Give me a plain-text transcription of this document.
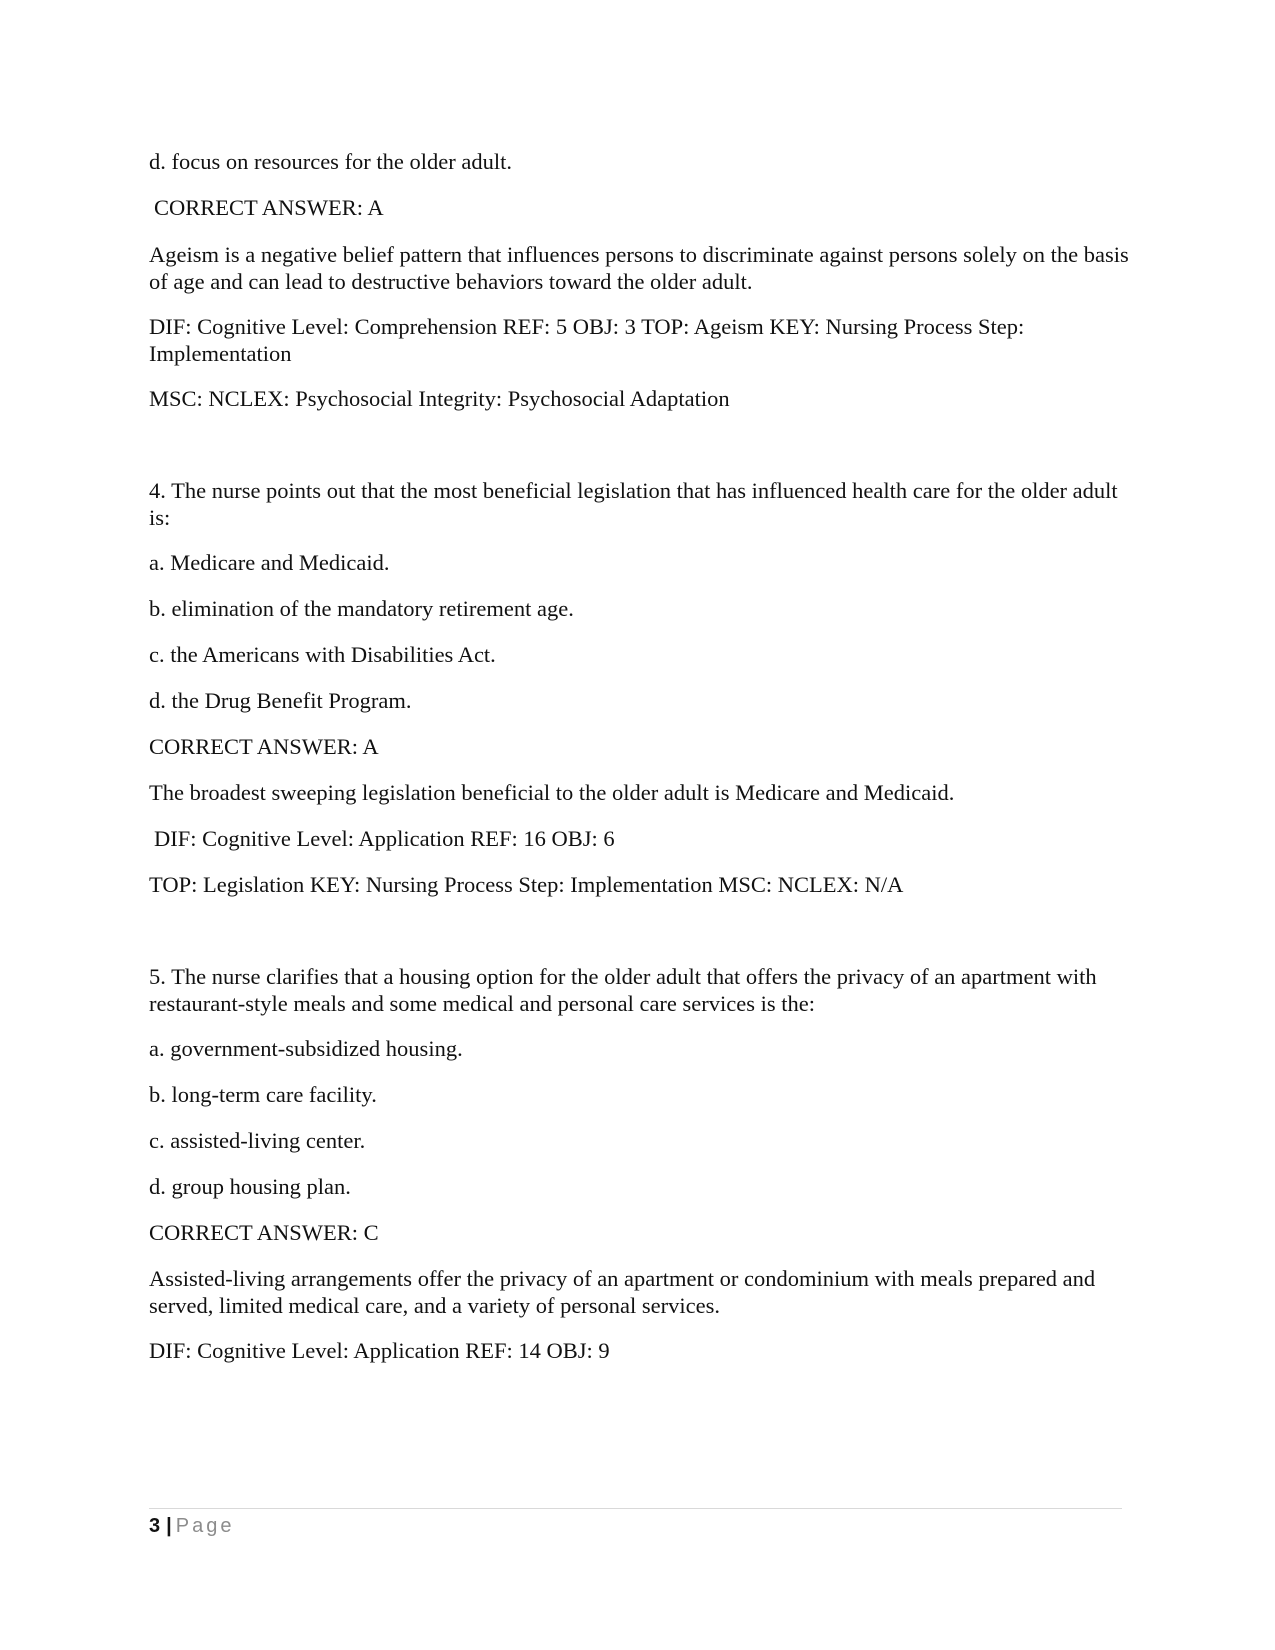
d. focus on resources for the older adult.
CORRECT ANSWER: A
Ageism is a negative belief pattern that influences persons to discriminate against persons solely on the basis of age and can lead to destructive behaviors toward the older adult.
DIF: Cognitive Level: Comprehension REF: 5 OBJ: 3 TOP: Ageism KEY: Nursing Process Step: Implementation
MSC: NCLEX: Psychosocial Integrity: Psychosocial Adaptation
4. The nurse points out that the most beneficial legislation that has influenced health care for the older adult is:
a. Medicare and Medicaid.
b. elimination of the mandatory retirement age.
c. the Americans with Disabilities Act.
d. the Drug Benefit Program.
CORRECT ANSWER: A
The broadest sweeping legislation beneficial to the older adult is Medicare and Medicaid.
DIF: Cognitive Level: Application REF: 16 OBJ: 6
TOP: Legislation KEY: Nursing Process Step: Implementation MSC: NCLEX: N/A
5. The nurse clarifies that a housing option for the older adult that offers the privacy of an apartment with restaurant-style meals and some medical and personal care services is the:
a. government-subsidized housing.
b. long-term care facility.
c. assisted-living center.
d. group housing plan.
CORRECT ANSWER: C
Assisted-living arrangements offer the privacy of an apartment or condominium with meals prepared and served, limited medical care, and a variety of personal services.
DIF: Cognitive Level: Application REF: 14 OBJ: 9
3 | Page
